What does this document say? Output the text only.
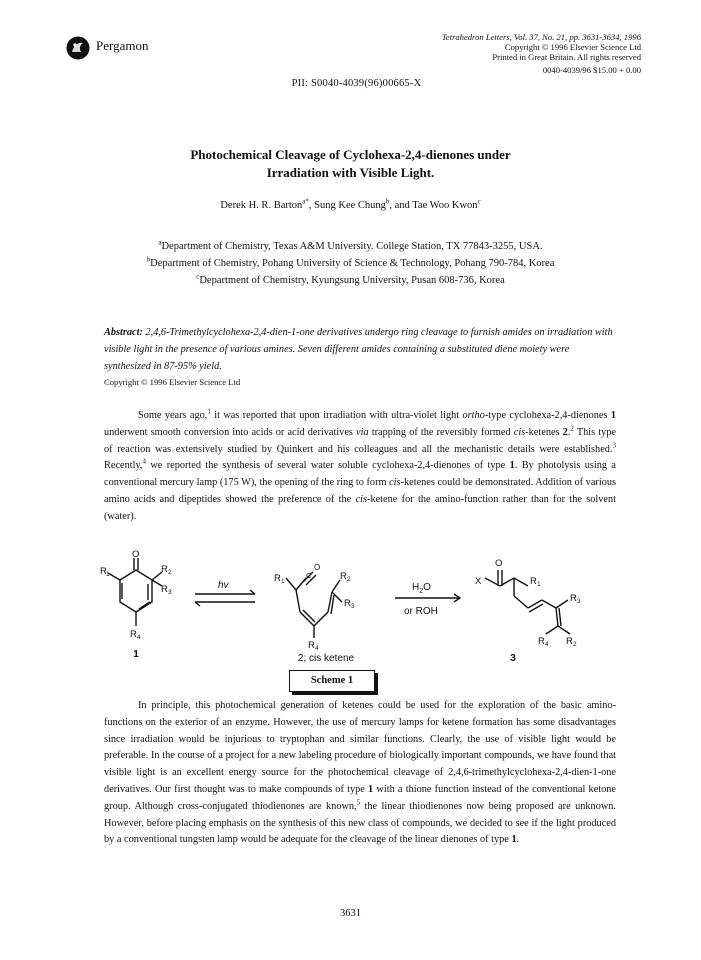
Pergamon
Tetrahedron Letters, Vol. 37, No. 21, pp. 3631-3634, 1996
Copyright © 1996 Elsevier Science Ltd
Printed in Great Britain. All rights reserved
0040-4039/96 $15.00 + 0.00
PII: S0040-4039(96)00665-X
Photochemical Cleavage of Cyclohexa-2,4-dienones under
Irradiation with Visible Light.
Derek H. R. Barton$^{a*}$, Sung Kee Chung$^b$, and Tae Woo Kwon$^c$
$^a$Department of Chemistry, Texas A&M University. College Station, TX 77843-3255, USA.
$^b$Department of Chemistry, Pohang University of Science & Technology, Pohang 790-784, Korea
$^c$Department of Chemistry, Kyungsung University, Pusan 608-736, Korea
Abstract: 2,4,6-Trimethylcyclohexa-2,4-dien-1-one derivatives undergo ring cleavage to furnish amides on irradiation with visible light in the presence of various amines. Seven different amides containing a substituted diene moiety were synthesized in 87-95% yield.
Copyright © 1996 Elsevier Science Ltd
Some years ago,$^1$ it was reported that upon irradiation with ultra-violet light ortho-type cyclohexa-2,4-dienones 1 underwent smooth conversion into acids or acid derivatives via trapping of the reversibly formed cis-ketenes 2.$^2$ This type of reaction was extensively studied by Quinkert and his colleagues and all the mechanistic details were established.$^3$ Recently,$^4$ we reported the synthesis of several water soluble cyclohexa-2,4-dienones of type 1. By photolysis using a conventional mercury lamp (175 W), the opening of the ring to form cis-ketenes could be demonstrated. Addition of various amino acids and dipeptides showed the preference of the cis-ketene for the amino-function rather than for the solvent (water).
O
R 1	R 2
R 3
R 4
1
hv
R 1
C
O
R 2
R 3
R 4
2; cis ketene
$H_2O$
or ROH
O
X	R 1
R 3
R 4 R 2
3
Scheme 1
In principle, this photochemical generation of ketenes could be used for the exploration of the basic amino-functions on the exterior of an enzyme. However, the use of mercury lamps for ketene formation has some disadvantages since irradiation would be injurious to tryptophan and similar functions. Clearly, the use of visible light would be preferable. In the course of a project for a new labeling procedure of biologically important compounds, we have found that visible light is an excellent energy source for the photochemical cleavage of 2,4,6-trimethylcyclohexa-2,4-dien-1-one derivatives. Our first thought was to make compounds of type 1 with a thione function instead of the conventional ketone group. Although cross-conjugated thiodienones are known,$^5$ the linear thiodienones now being proposed are unknown. However, before placing emphasis on the synthesis of this new class of compounds, we decided to see if the light produced by a conventional tungsten lamp would be adequate for the cleavage of the linear dienones of type 1.
3631
